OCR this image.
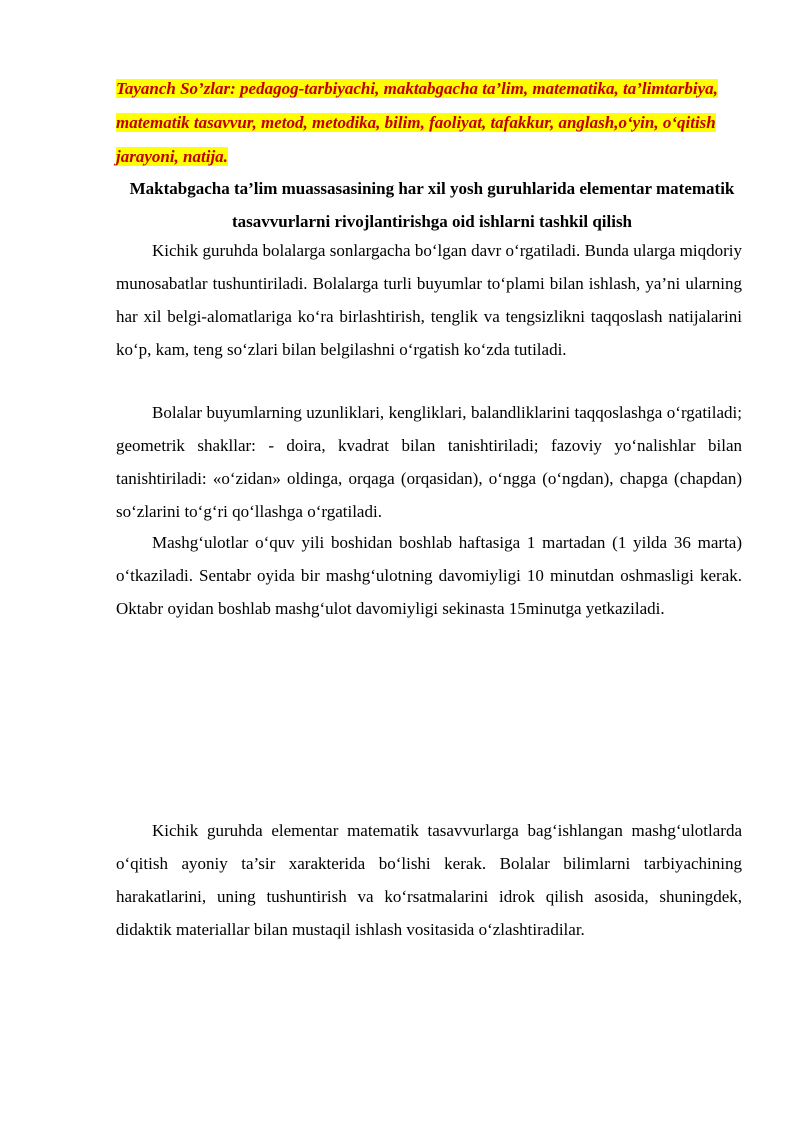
Tayanch So’zlar: pedagog-tarbiyachi, maktabgacha ta’lim, matematika, ta’limtarbiya, matematik tasavvur, metod, metodika, bilim, faoliyat, tafakkur, anglash,o‘yin, o‘qitish jarayoni, natija.

Maktabgacha ta’lim muassasasining har xil yosh guruhlarida elementar matematik tasavvurlarni rivojlantirishga oid ishlarni tashkil qilish

Kichik guruhda bolalarga sonlargacha bo‘lgan davr o‘rgatiladi. Bunda ularga miqdoriy munosabatlar tushuntiriladi. Bolalarga turli buyumlar to‘plami bilan ishlash, ya’ni ularning har xil belgi-alomatlariga ko‘ra birlashtirish, tenglik va tengsizlikni taqqoslash natijalarini ko‘p, kam, teng so‘zlari bilan belgilashni o‘rgatish ko‘zda tutiladi.

Bolalar buyumlarning uzunliklari, kengliklari, balandliklarini taqqoslashga o‘rgatiladi; geometrik shakllar: - doira, kvadrat bilan tanishtiriladi; fazoviy yo‘nalishlar bilan tanishtiriladi: «o‘zidan» oldinga, orqaga (orqasidan), o‘ngga (o‘ngdan), chapga (chapdan) so‘zlarini to‘g‘ri qo‘llashga o‘rgatiladi.

Mashg‘ulotlar o‘quv yili boshidan boshlab haftasiga 1 martadan (1 yilda 36 marta) o‘tkaziladi. Sentabr oyida bir mashg‘ulotning davomiyligi 10 minutdan oshmasligi kerak. Oktabr oyidan boshlab mashg‘ulot davomiyligi sekinasta 15minutga yetkaziladi.

Kichik guruhda elementar matematik tasavvurlarga bag‘ishlangan mashg‘ulotlarda o‘qitish ayoniy ta’sir xarakterida bo‘lishi kerak. Bolalar bilimlarni tarbiyachining harakatlarini, uning tushuntirish va ko‘rsatmalarini idrok qilish asosida, shuningdek, didaktik materiallar bilan mustaqil ishlash vositasida o‘zlashtiradilar.
